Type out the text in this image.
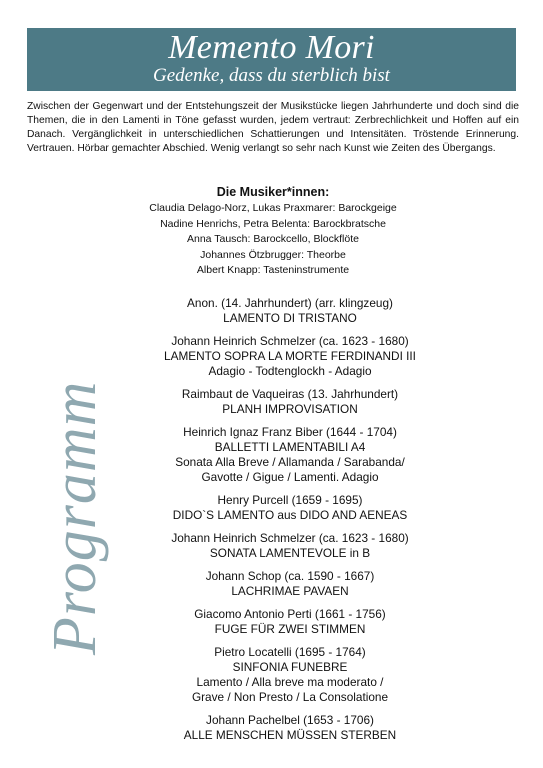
Memento Mori
Gedenke, dass du sterblich bist

Zwischen der Gegenwart und der Entstehungszeit der Musikstücke liegen Jahrhunderte und doch sind die Themen, die in den Lamenti in Töne gefasst wurden, jedem vertraut: Zerbrechlichkeit und Hoffen auf ein Danach. Vergänglichkeit in unterschiedlichen Schattierungen und Intensitäten. Tröstende Erinnerung. Vertrauen. Hörbar gemachter Abschied. Wenig verlangt so sehr nach Kunst wie Zeiten des Übergangs.

Die Musiker*innen:
Claudia Delago-Norz, Lukas Praxmarer: Barockgeige
Nadine Henrichs, Petra Belenta: Barockbratsche
Anna Tausch: Barockcello, Blockflöte
Johannes Ötzbrugger: Theorbe
Albert Knapp: Tasteninstrumente
Programm
Anon. (14. Jahrhundert) (arr. klingzeug)
LAMENTO DI TRISTANO
Johann Heinrich Schmelzer (ca. 1623 - 1680)
LAMENTO SOPRA LA MORTE FERDINANDI III
Adagio - Todtenglockh - Adagio
Raimbaut de Vaqueiras (13. Jahrhundert)
PLANH IMPROVISATION
Heinrich Ignaz Franz Biber (1644 - 1704)
BALLETTI LAMENTABILI A4
Sonata Alla Breve / Allamanda / Sarabanda/
Gavotte / Gigue / Lamenti. Adagio
Henry Purcell (1659 - 1695)
DIDO`S LAMENTO aus DIDO AND AENEAS
Johann Heinrich Schmelzer (ca. 1623 - 1680)
SONATA LAMENTEVOLE in B
Johann Schop (ca. 1590 - 1667)
LACHRIMAE PAVAEN
Giacomo Antonio Perti (1661 - 1756)
FUGE FÜR ZWEI STIMMEN
Pietro Locatelli (1695 - 1764)
SINFONIA FUNEBRE
Lamento / Alla breve ma moderato /
Grave / Non Presto / La Consolatione
Johann Pachelbel (1653 - 1706)
ALLE MENSCHEN MÜSSEN STERBEN
